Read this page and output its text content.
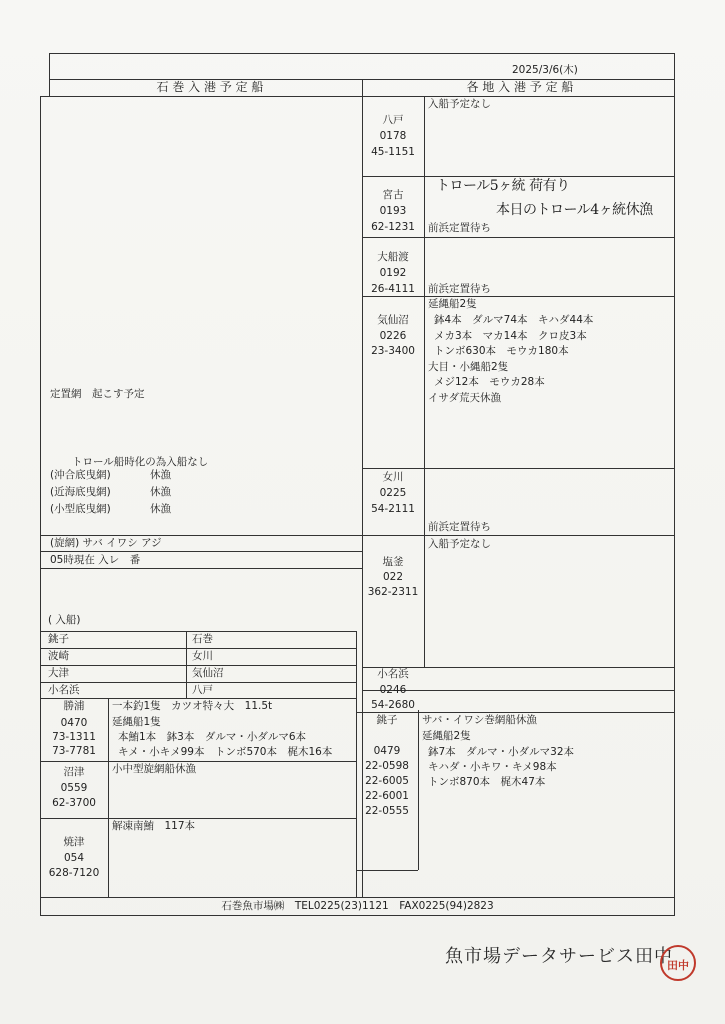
2025/3/6(木)
石 巻 入 港 予 定 船	各 地 入 港 予 定 船
定置網　起こす予定
トロール船時化の為入船なし
(沖合底曳網)	休漁
(近海底曳網)	休漁
(小型底曳網)	休漁
(旋網) サバ イワシ アジ
05時現在 入レ　番
( 入船)
銚子	石巻
波崎	女川
大津	気仙沼
小名浜	八戸
勝浦
0470
73-1311
73-7781
一本釣1隻　カツオ特々大　11.5t
延縄船1隻
本鮪1本　鉢3本　ダルマ・小ダルマ6本
キメ・小キメ99本　トンボ570本　梶木16本
沼津
0559
62-3700
小中型旋網船休漁
焼津
054
628-7120
解凍南鮪　117本
八戸
0178
45-1151
入船予定なし
宮古
0193
62-1231
トロール5ヶ統 荷有り
本日のトロール4ヶ統休漁
前浜定置待ち
大船渡
0192
26-4111	前浜定置待ち
気仙沼
0226
23-3400
延縄船2隻
鉢4本　ダルマ74本　キハダ44本
メカ3本　マカ14本　クロ皮3本
トンボ630本　モウカ180本
大目・小縄船2隻
メジ12本　モウカ28本
イサダ荒天休漁
女川
0225
54-2111
前浜定置待ち
塩釜
022
362-2311
入船予定なし
小名浜
0246
54-2680
銚子
0479
22-0598
22-6005
22-6001
22-0555
サバ・イワシ巻網船休漁
延縄船2隻
鉢7本　ダルマ・小ダルマ32本
キハダ・小キワ・キメ98本
トンボ870本　梶木47本
石巻魚市場㈱　TEL0225(23)1121　FAX0225(94)2823
魚市場データサービス田中
田中
